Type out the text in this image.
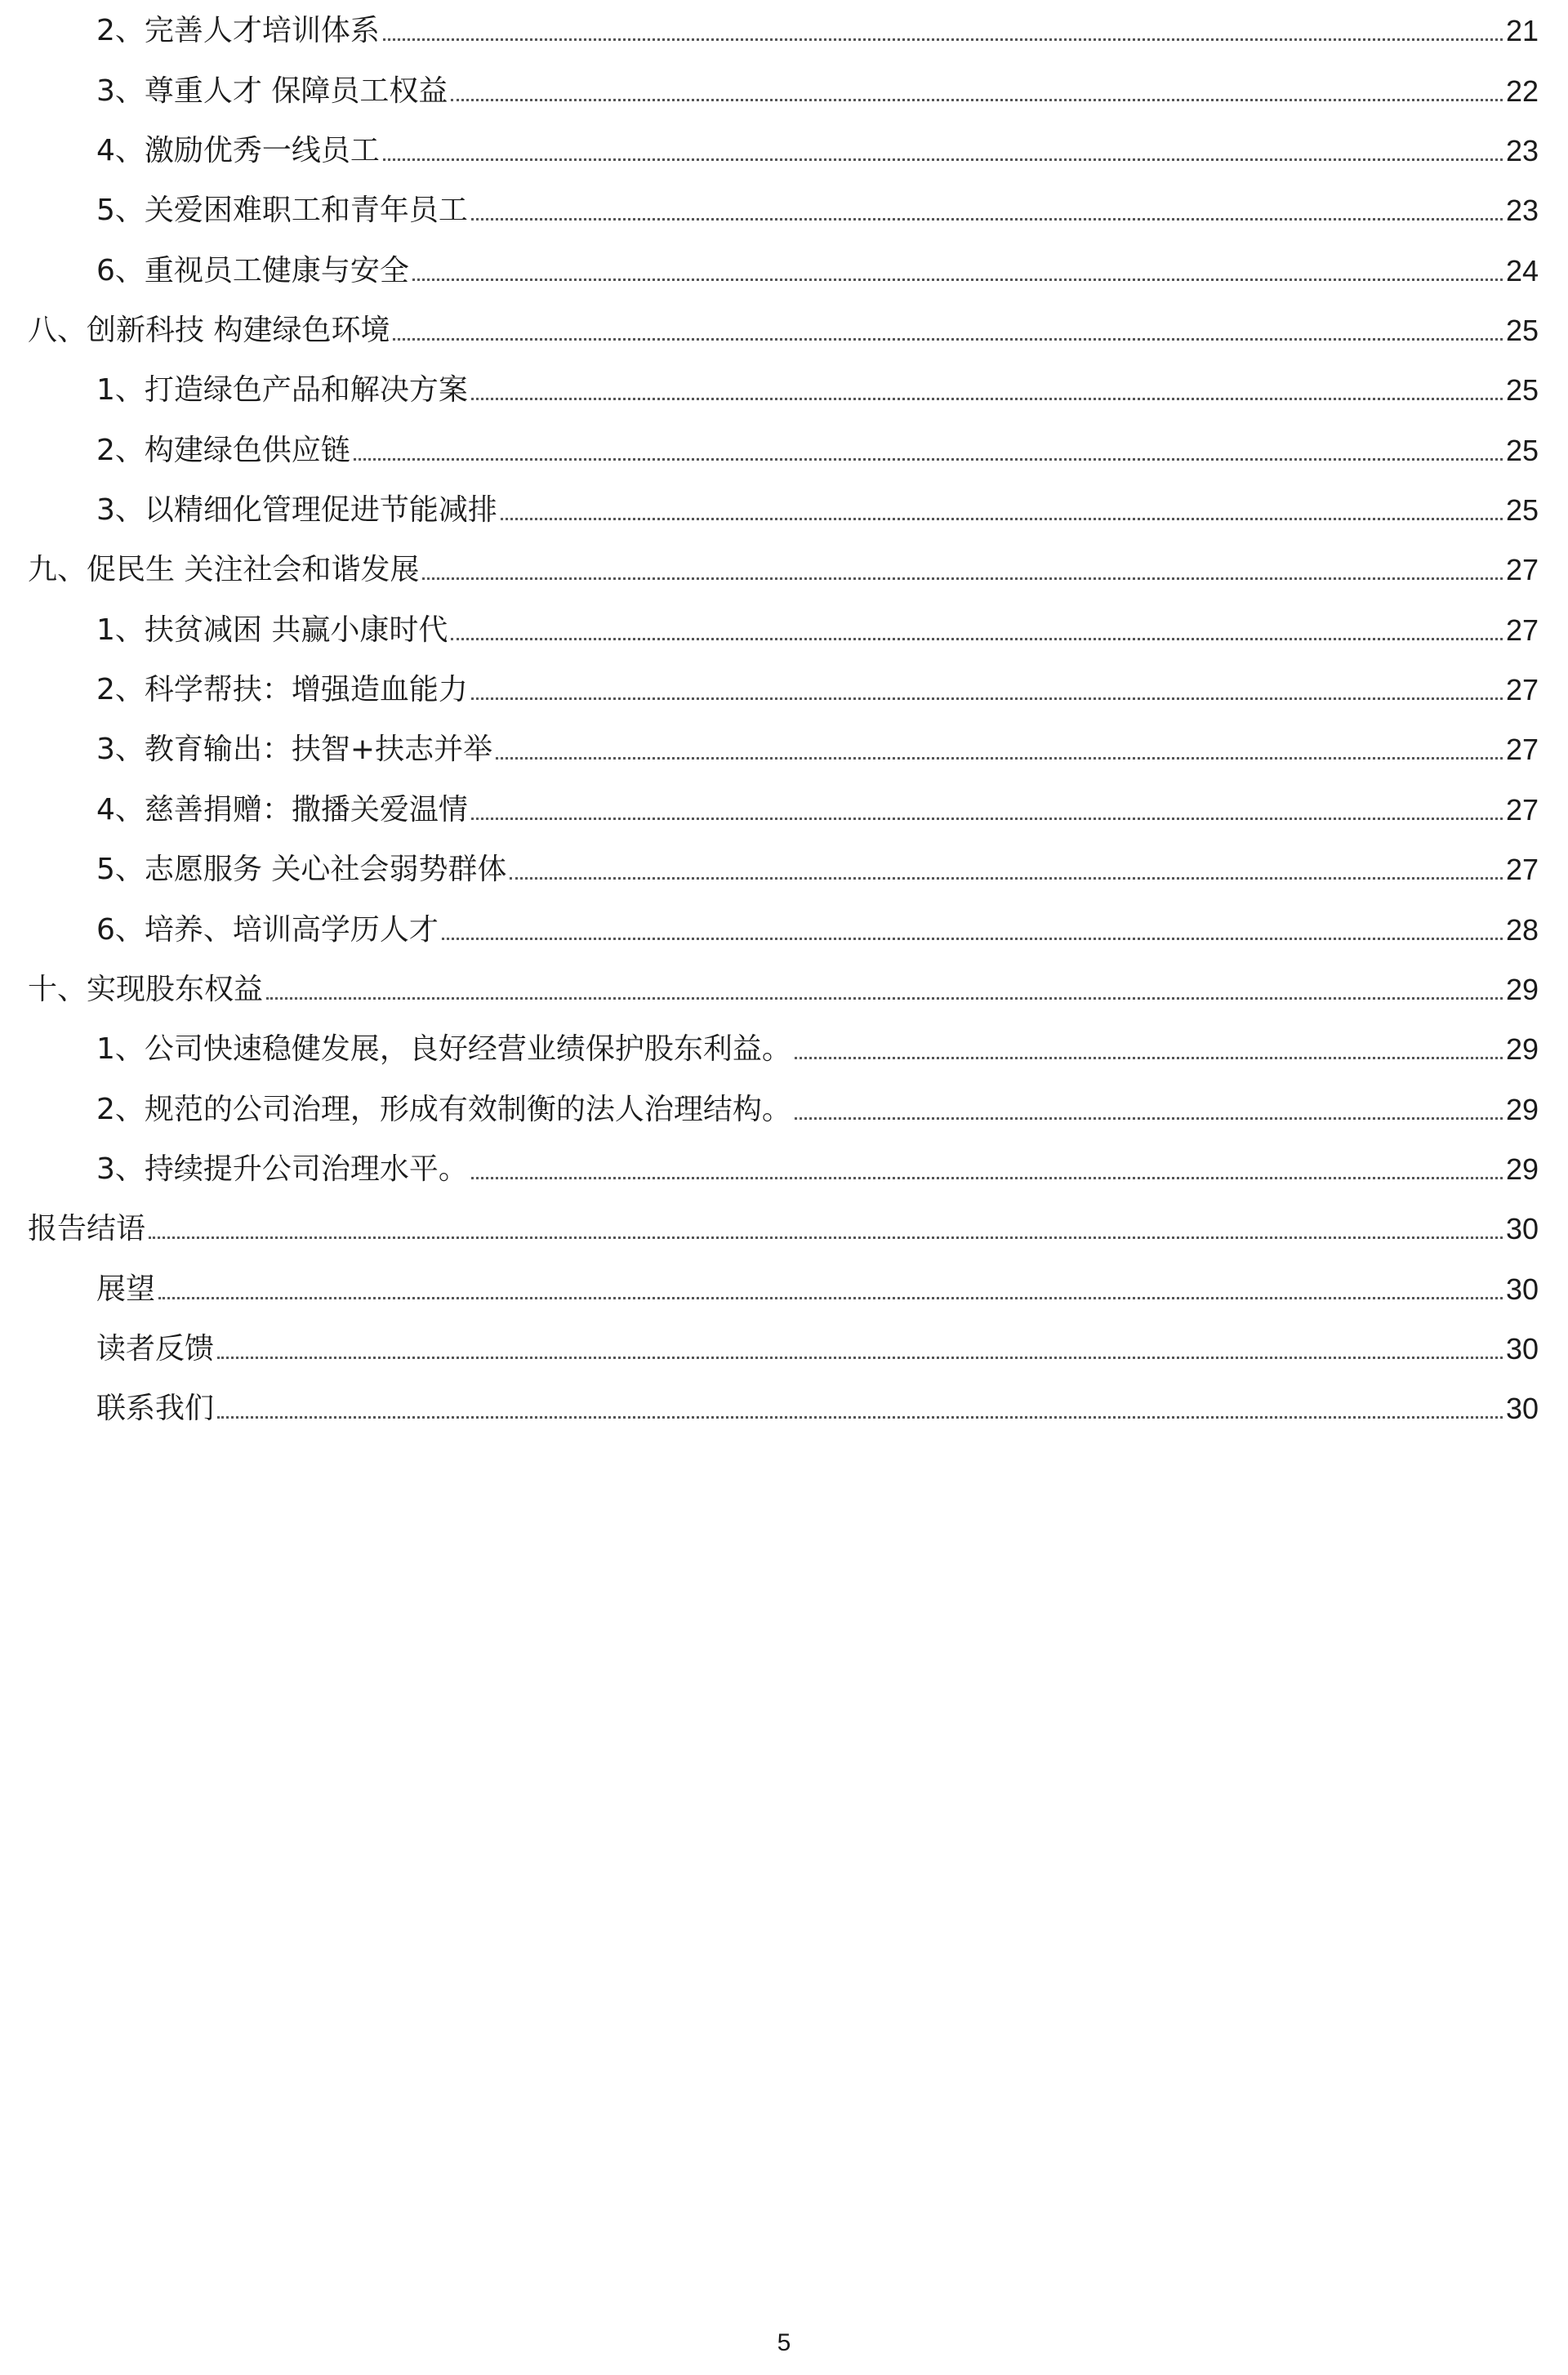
2、完善人才培训体系	21
3、尊重人才 保障员工权益	22
4、激励优秀一线员工	23
5、关爱困难职工和青年员工	23
6、重视员工健康与安全	24
八、创新科技 构建绿色环境	25
1、打造绿色产品和解决方案	25
2、构建绿色供应链	25
3、以精细化管理促进节能减排	25
九、促民生 关注社会和谐发展	27
1、扶贫减困 共赢小康时代	27
2、科学帮扶：增强造血能力	27
3、教育输出：扶智+扶志并举	27
4、慈善捐赠：撒播关爱温情	27
5、志愿服务 关心社会弱势群体	27
6、培养、培训高学历人才	28
十、实现股东权益	29
1、公司快速稳健发展，良好经营业绩保护股东利益。	29
2、规范的公司治理，形成有效制衡的法人治理结构。	29
3、持续提升公司治理水平。	29
报告结语	30
展望	30
读者反馈	30
联系我们	30
5
